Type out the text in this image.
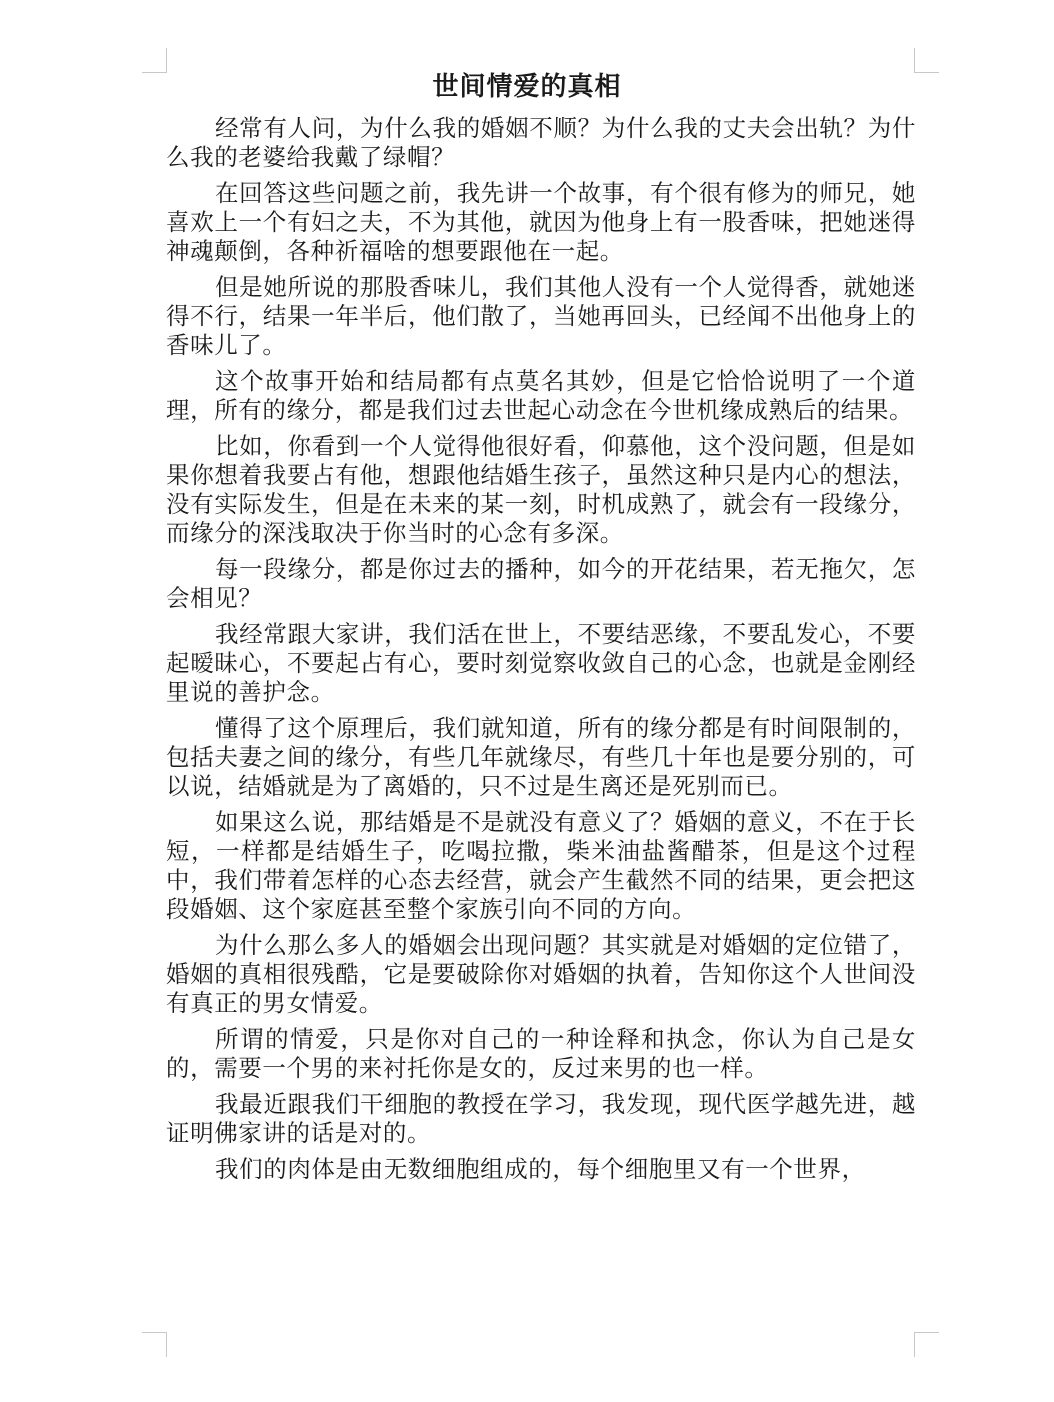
世间情爱的真相

经常有人问，为什么我的婚姻不顺？为什么我的丈夫会出轨？为什么我的老婆给我戴了绿帽？

在回答这些问题之前，我先讲一个故事，有个很有修为的师兄，她喜欢上一个有妇之夫，不为其他，就因为他身上有一股香味，把她迷得神魂颠倒，各种祈福啥的想要跟他在一起。

但是她所说的那股香味儿，我们其他人没有一个人觉得香，就她迷得不行，结果一年半后，他们散了，当她再回头，已经闻不出他身上的香味儿了。

这个故事开始和结局都有点莫名其妙，但是它恰恰说明了一个道理，所有的缘分，都是我们过去世起心动念在今世机缘成熟后的结果。

比如，你看到一个人觉得他很好看，仰慕他，这个没问题，但是如果你想着我要占有他，想跟他结婚生孩子，虽然这种只是内心的想法，没有实际发生，但是在未来的某一刻，时机成熟了，就会有一段缘分，而缘分的深浅取决于你当时的心念有多深。

每一段缘分，都是你过去的播种，如今的开花结果，若无拖欠，怎会相见？

我经常跟大家讲，我们活在世上，不要结恶缘，不要乱发心，不要起暧昧心，不要起占有心，要时刻觉察收敛自己的心念，也就是金刚经里说的善护念。

懂得了这个原理后，我们就知道，所有的缘分都是有时间限制的，包括夫妻之间的缘分，有些几年就缘尽，有些几十年也是要分别的，可以说，结婚就是为了离婚的，只不过是生离还是死别而已。

如果这么说，那结婚是不是就没有意义了？婚姻的意义，不在于长短，一样都是结婚生子，吃喝拉撒，柴米油盐酱醋茶，但是这个过程中，我们带着怎样的心态去经营，就会产生截然不同的结果，更会把这段婚姻、这个家庭甚至整个家族引向不同的方向。

为什么那么多人的婚姻会出现问题？其实就是对婚姻的定位错了，婚姻的真相很残酷，它是要破除你对婚姻的执着，告知你这个人世间没有真正的男女情爱。

所谓的情爱，只是你对自己的一种诠释和执念，你认为自己是女的，需要一个男的来衬托你是女的，反过来男的也一样。

我最近跟我们干细胞的教授在学习，我发现，现代医学越先进，越证明佛家讲的话是对的。

我们的肉体是由无数细胞组成的，每个细胞里又有一个世界，
